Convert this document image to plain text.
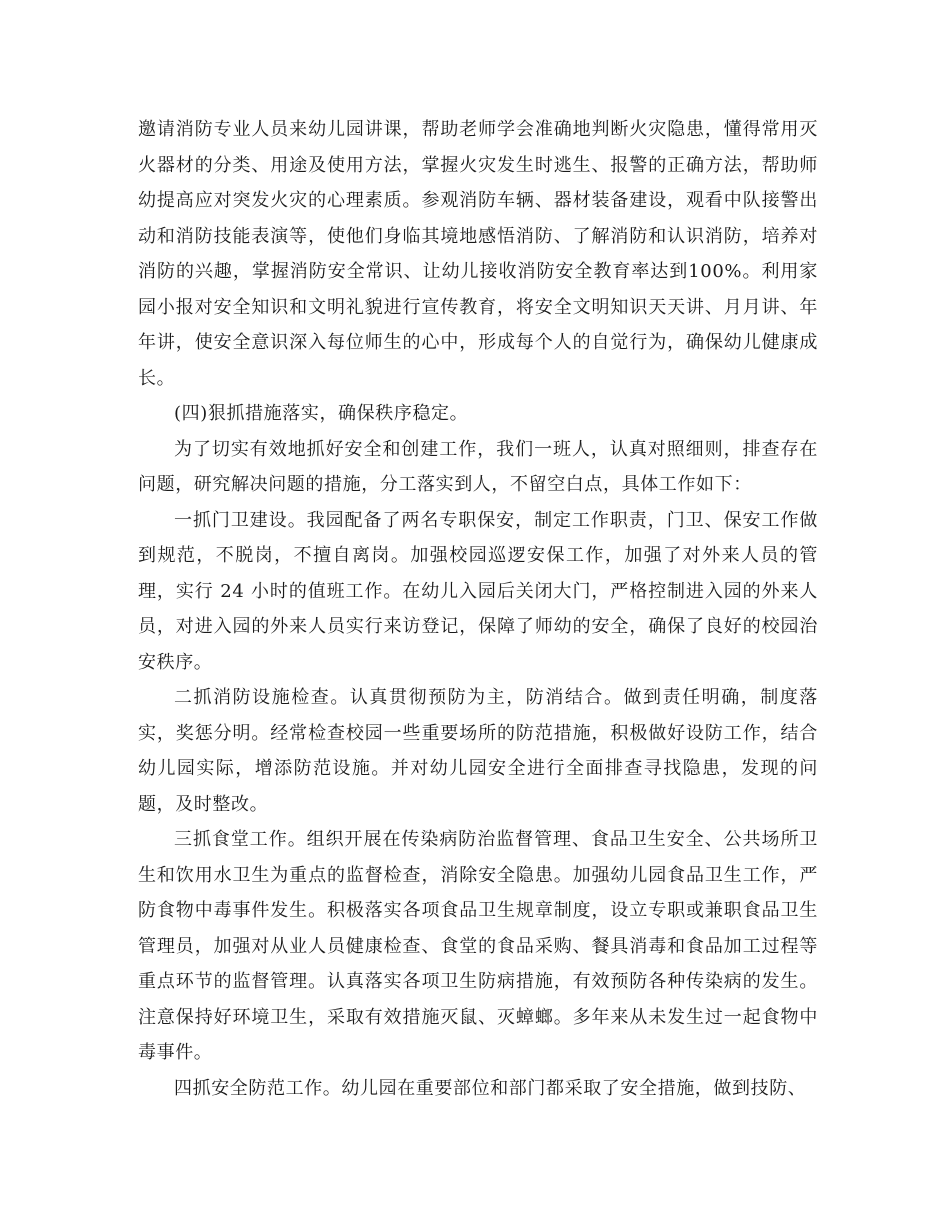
邀请消防专业人员来幼儿园讲课，帮助老师学会准确地判断火灾隐患，懂得常用灭火器材的分类、用途及使用方法，掌握火灾发生时逃生、报警的正确方法，帮助师幼提高应对突发火灾的心理素质。参观消防车辆、器材装备建设，观看中队接警出动和消防技能表演等，使他们身临其境地感悟消防、了解消防和认识消防，培养对消防的兴趣，掌握消防安全常识、让幼儿接收消防安全教育率达到100%。利用家园小报对安全知识和文明礼貌进行宣传教育，将安全文明知识天天讲、月月讲、年年讲，使安全意识深入每位师生的心中，形成每个人的自觉行为，确保幼儿健康成长。

(四)狠抓措施落实，确保秩序稳定。

为了切实有效地抓好安全和创建工作，我们一班人，认真对照细则，排查存在问题，研究解决问题的措施，分工落实到人，不留空白点，具体工作如下：

一抓门卫建设。我园配备了两名专职保安，制定工作职责，门卫、保安工作做到规范，不脱岗，不擅自离岗。加强校园巡逻安保工作，加强了对外来人员的管理，实行 24 小时的值班工作。在幼儿入园后关闭大门，严格控制进入园的外来人员，对进入园的外来人员实行来访登记，保障了师幼的安全，确保了良好的校园治安秩序。

二抓消防设施检查。认真贯彻预防为主，防消结合。做到责任明确，制度落实，奖惩分明。经常检查校园一些重要场所的防范措施，积极做好设防工作，结合幼儿园实际，增添防范设施。并对幼儿园安全进行全面排查寻找隐患，发现的问题，及时整改。

三抓食堂工作。组织开展在传染病防治监督管理、食品卫生安全、公共场所卫生和饮用水卫生为重点的监督检查，消除安全隐患。加强幼儿园食品卫生工作，严防食物中毒事件发生。积极落实各项食品卫生规章制度，设立专职或兼职食品卫生管理员，加强对从业人员健康检查、食堂的食品采购、餐具消毒和食品加工过程等重点环节的监督管理。认真落实各项卫生防病措施，有效预防各种传染病的发生。注意保持好环境卫生，采取有效措施灭鼠、灭蟑螂。多年来从未发生过一起食物中毒事件。

四抓安全防范工作。幼儿园在重要部位和部门都采取了安全措施，做到技防、
